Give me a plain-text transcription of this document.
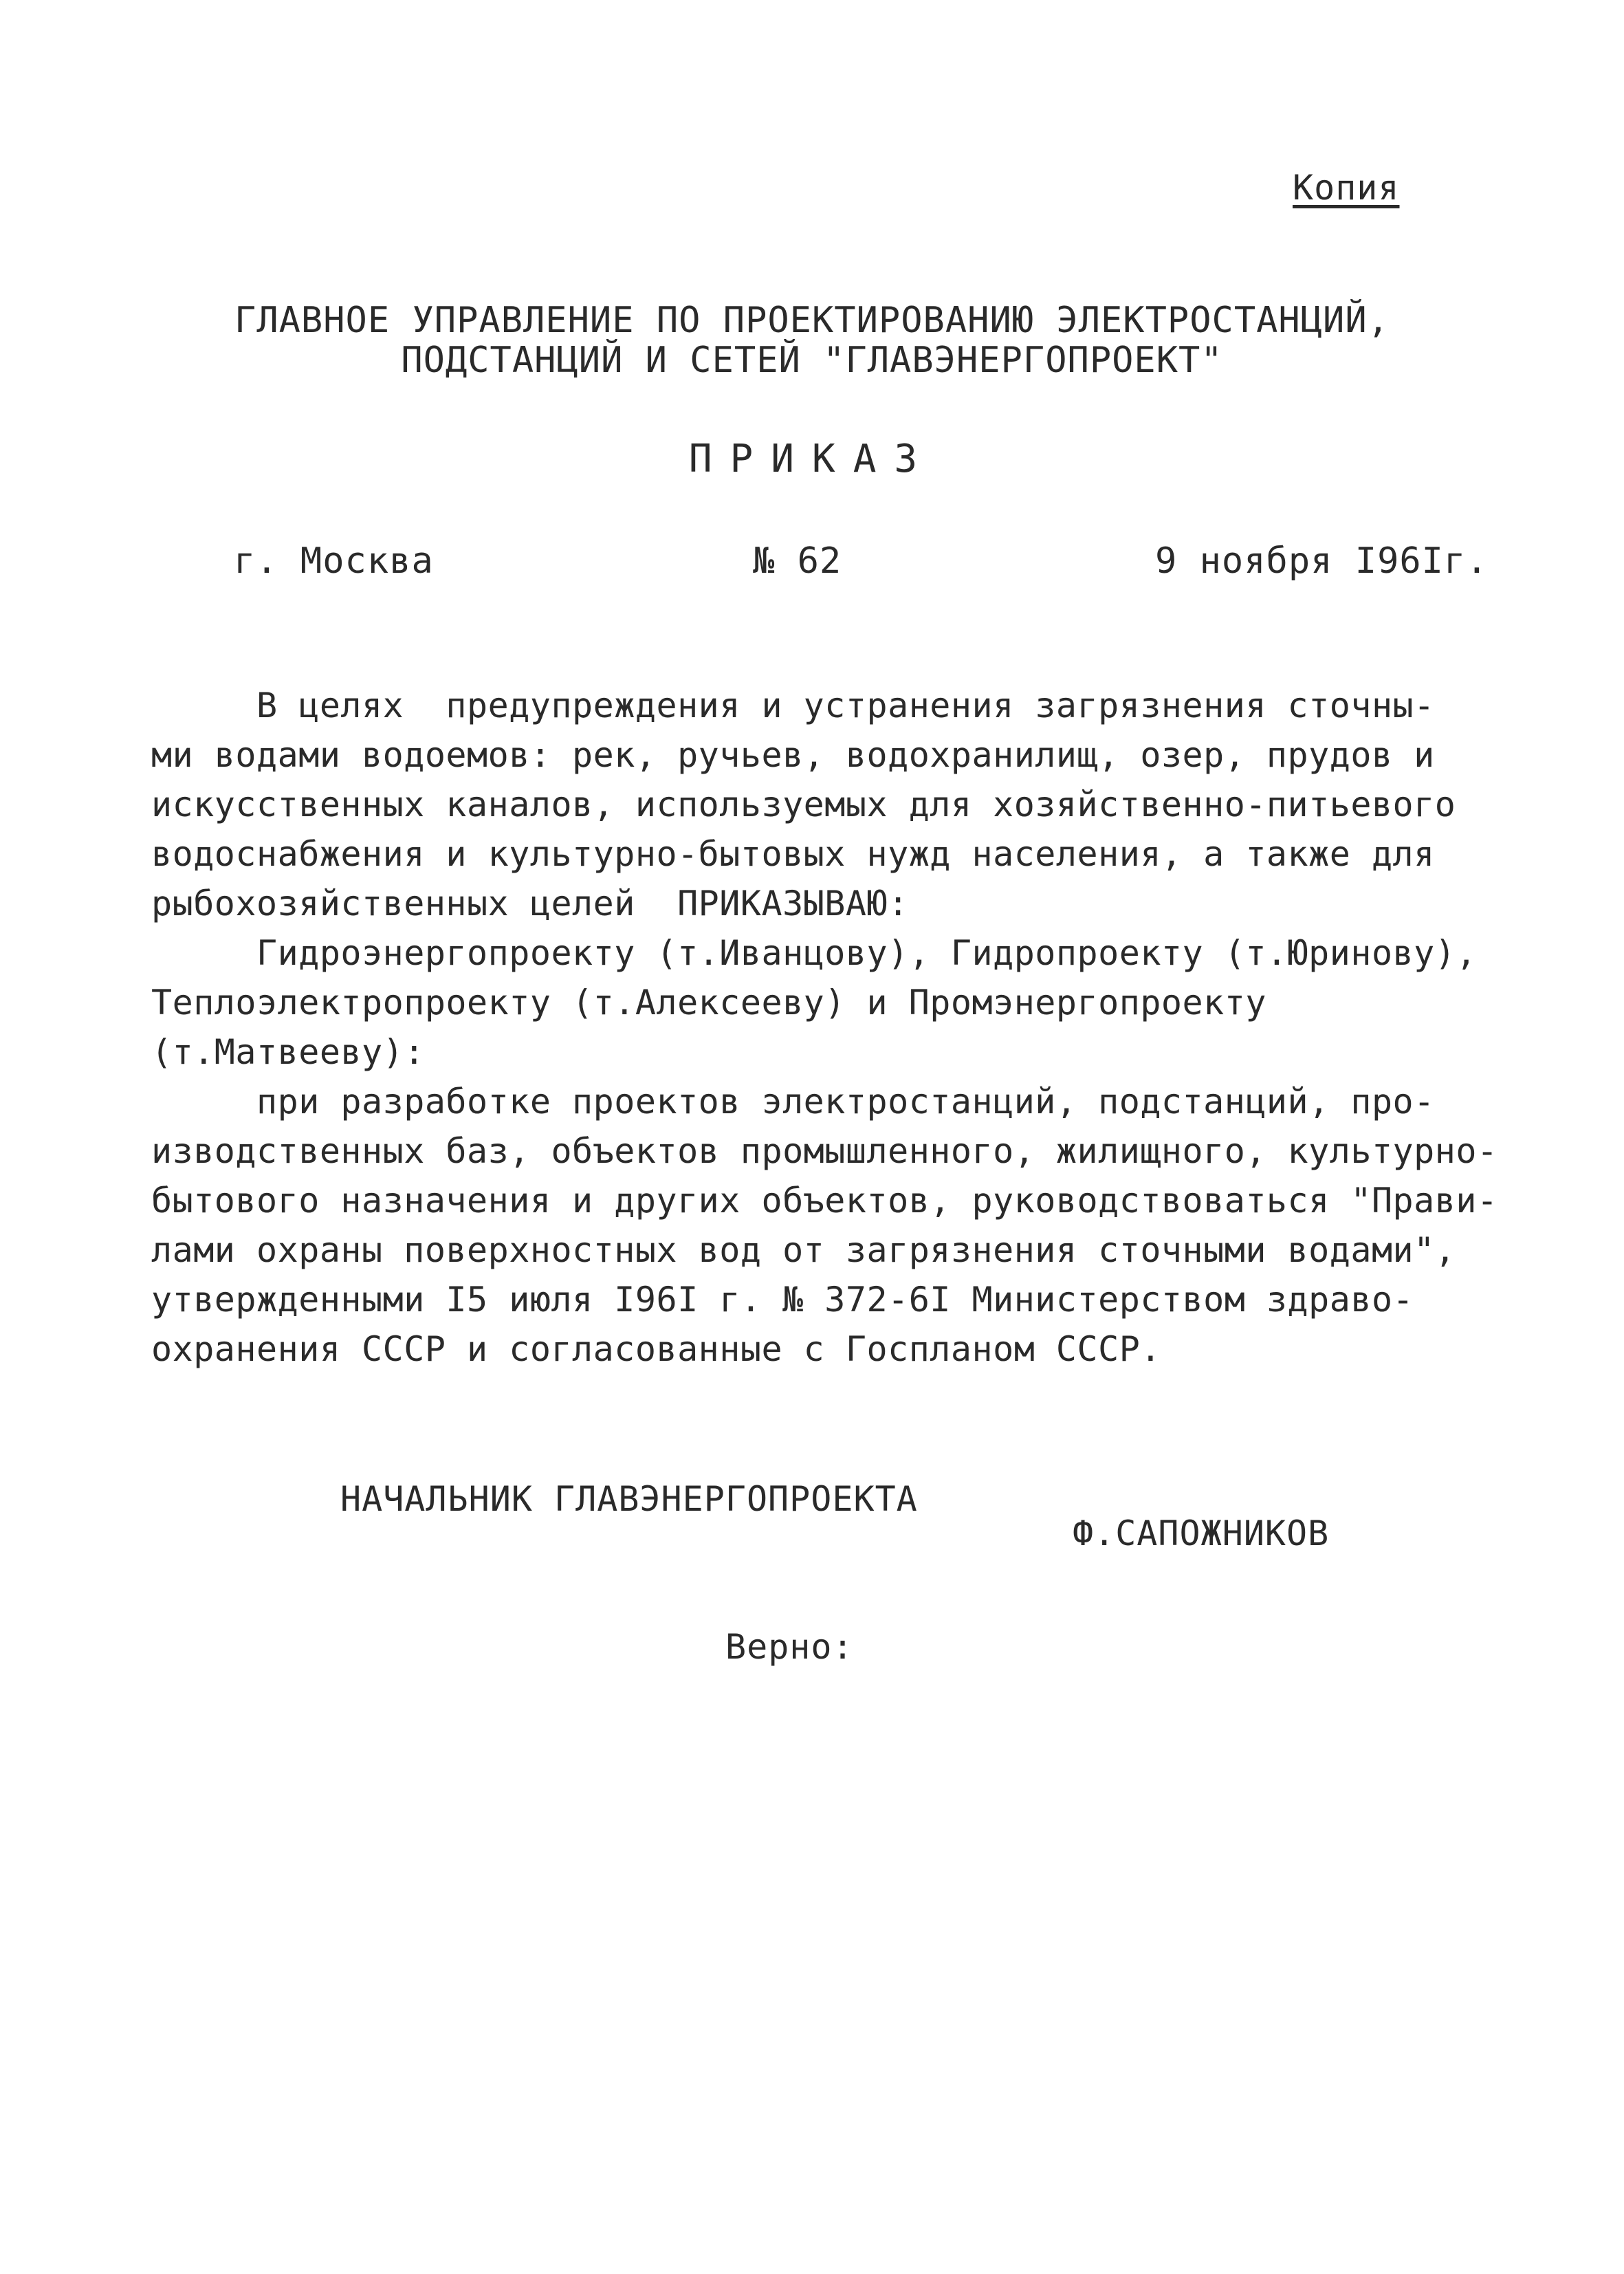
Копия
ГЛАВНОЕ УПРАВЛЕНИЕ ПО ПРОЕКТИРОВАНИЮ ЭЛЕКТРОСТАНЦИЙ,
ПОДСТАНЦИЙ И СЕТЕЙ "ГЛАВЭНЕРГОПРОЕКТ"
ПРИКАЗ
г. Москва	№ 62	9 ноября I96Iг.
В целях  предупреждения и устранения загрязнения сточны-
ми водами водоемов: рек, ручьев, водохранилищ, озер, прудов и
искусственных каналов, используемых для хозяйственно-питьевого
водоснабжения и культурно-бытовых нужд населения, а также для
рыбохозяйственных целей  ПРИКАЗЫВАЮ:
Гидроэнергопроекту (т.Иванцову), Гидропроекту (т.Юринову),
Теплоэлектропроекту (т.Алексееву) и Промэнергопроекту
(т.Матвееву):
при разработке проектов электростанций, подстанций, про-
изводственных баз, объектов промышленного, жилищного, культурно-
бытового назначения и других объектов, руководствоваться "Прави-
лами охраны поверхностных вод от загрязнения сточными водами",
утвержденными I5 июля I96I г. № 372-6I Министерством здраво-
охранения СССР и согласованные с Госпланом СССР.
НАЧАЛЬНИК ГЛАВЭНЕРГОПРОЕКТА
Ф.САПОЖНИКОВ
Верно:
